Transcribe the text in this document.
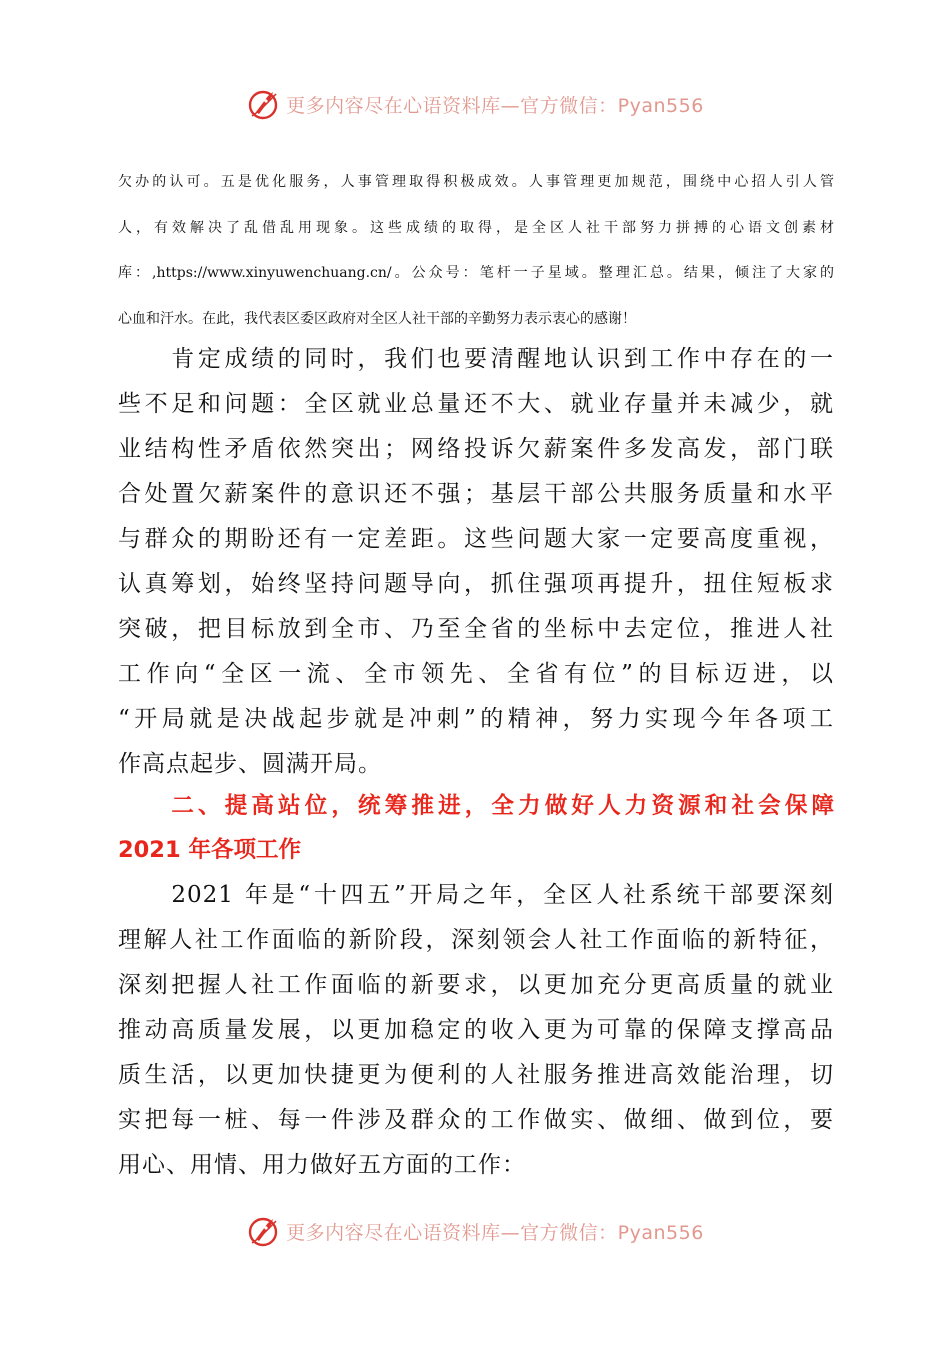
更多内容尽在心语资料库—官方微信：Pyan556
欠办的认可。五是优化服务，人事管理取得积极成效。人事管理更加规范，围绕中心招人引人管
人，有效解决了乱借乱用现象。这些成绩的取得，是全区人社干部努力拼搏的心语文创素材
库：,https://www.xinyuwenchuang.cn/。公众号：笔杆一子星域。整理汇总。结果，倾注了大家的
心血和汗水。在此，我代表区委区政府对全区人社干部的辛勤努力表示衷心的感谢！
　　肯定成绩的同时，我们也要清醒地认识到工作中存在的一
些不足和问题：全区就业总量还不大、就业存量并未减少，就
业结构性矛盾依然突出；网络投诉欠薪案件多发高发，部门联
合处置欠薪案件的意识还不强；基层干部公共服务质量和水平
与群众的期盼还有一定差距。这些问题大家一定要高度重视，
认真筹划，始终坚持问题导向，抓住强项再提升，扭住短板求
突破，把目标放到全市、乃至全省的坐标中去定位，推进人社
工作向“全区一流、全市领先、全省有位”的目标迈进，以
“开局就是决战起步就是冲刺”的精神，努力实现今年各项工
作高点起步、圆满开局。
　　二、提高站位，统筹推进，全力做好人力资源和社会保障
2021 年各项工作
　　2021 年是“十四五”开局之年，全区人社系统干部要深刻
理解人社工作面临的新阶段，深刻领会人社工作面临的新特征，
深刻把握人社工作面临的新要求，以更加充分更高质量的就业
推动高质量发展，以更加稳定的收入更为可靠的保障支撑高品
质生活，以更加快捷更为便利的人社服务推进高效能治理，切
实把每一桩、每一件涉及群众的工作做实、做细、做到位，要
用心、用情、用力做好五方面的工作：
更多内容尽在心语资料库—官方微信：Pyan556
